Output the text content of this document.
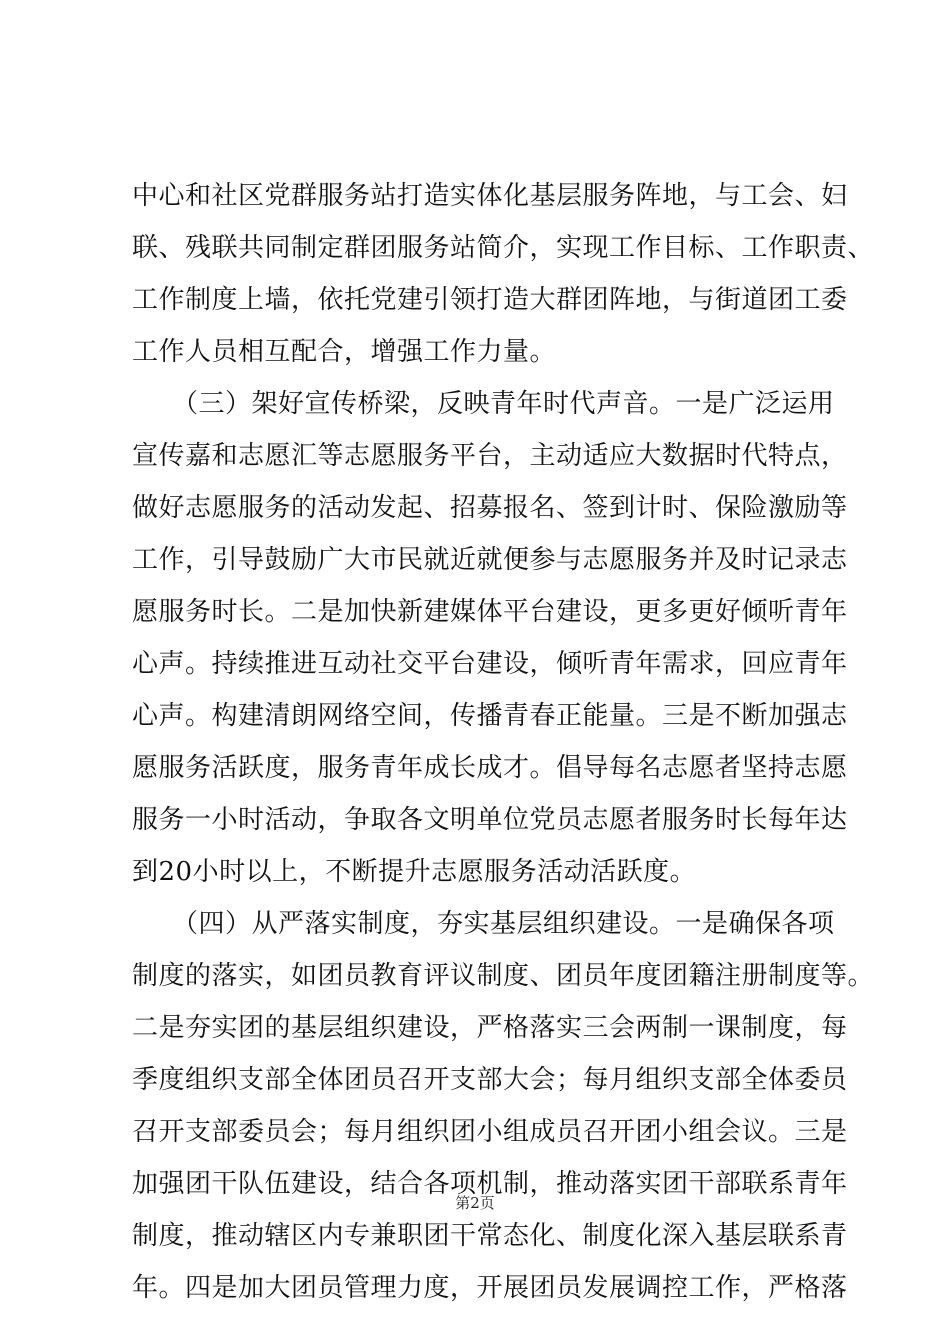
中心和社区党群服务站打造实体化基层服务阵地，与工会、妇
联、残联共同制定群团服务站简介，实现工作目标、工作职责、
工作制度上墙，依托党建引领打造大群团阵地，与街道团工委
工作人员相互配合，增强工作力量。
　　（三）架好宣传桥梁，反映青年时代声音。一是广泛运用
宣传嘉和志愿汇等志愿服务平台，主动适应大数据时代特点，
做好志愿服务的活动发起、招募报名、签到计时、保险激励等
工作，引导鼓励广大市民就近就便参与志愿服务并及时记录志
愿服务时长。二是加快新建媒体平台建设，更多更好倾听青年
心声。持续推进互动社交平台建设，倾听青年需求，回应青年
心声。构建清朗网络空间，传播青春正能量。三是不断加强志
愿服务活跃度，服务青年成长成才。倡导每名志愿者坚持志愿
服务一小时活动，争取各文明单位党员志愿者服务时长每年达
到20小时以上，不断提升志愿服务活动活跃度。
　　（四）从严落实制度，夯实基层组织建设。一是确保各项
制度的落实，如团员教育评议制度、团员年度团籍注册制度等。
二是夯实团的基层组织建设，严格落实三会两制一课制度，每
季度组织支部全体团员召开支部大会；每月组织支部全体委员
召开支部委员会；每月组织团小组成员召开团小组会议。三是
加强团干队伍建设，结合各项机制，推动落实团干部联系青年
制度，推动辖区内专兼职团干常态化、制度化深入基层联系青
年。四是加大团员管理力度，开展团员发展调控工作，严格落
第2页
